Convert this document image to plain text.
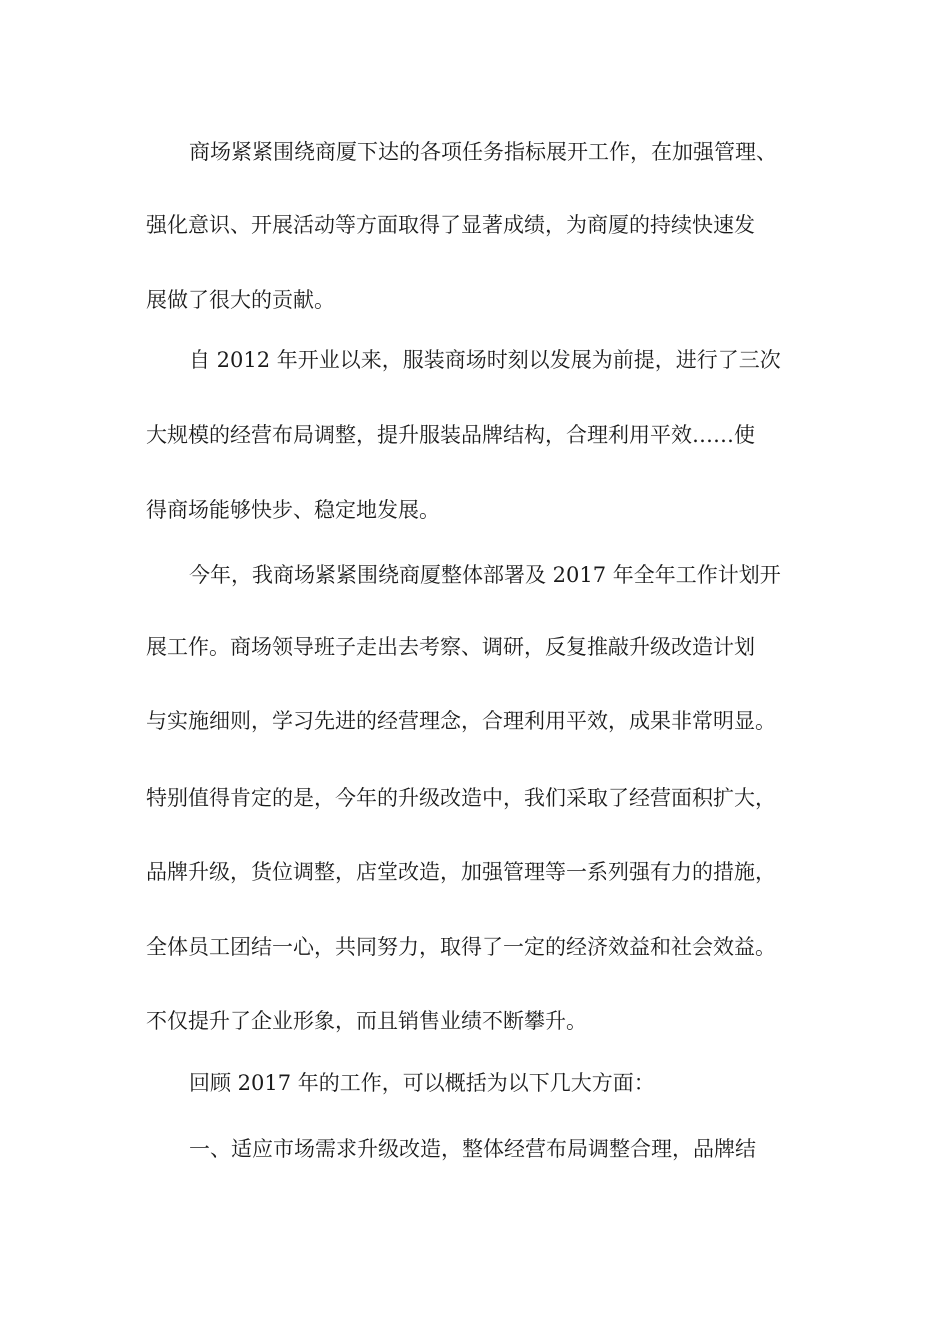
商场紧紧围绕商厦下达的各项任务指标展开工作，在加强管理、

强化意识、开展活动等方面取得了显著成绩，为商厦的持续快速发

展做了很大的贡献。

自 2012 年开业以来，服装商场时刻以发展为前提，进行了三次

大规模的经营布局调整，提升服装品牌结构，合理利用平效……使

得商场能够快步、稳定地发展。

今年，我商场紧紧围绕商厦整体部署及 2017 年全年工作计划开

展工作。商场领导班子走出去考察、调研，反复推敲升级改造计划

与实施细则，学习先进的经营理念，合理利用平效，成果非常明显。

特别值得肯定的是，今年的升级改造中，我们采取了经营面积扩大，

品牌升级，货位调整，店堂改造，加强管理等一系列强有力的措施，

全体员工团结一心，共同努力，取得了一定的经济效益和社会效益。

不仅提升了企业形象，而且销售业绩不断攀升。

回顾 2017 年的工作，可以概括为以下几大方面：

一、适应市场需求升级改造，整体经营布局调整合理，品牌结
